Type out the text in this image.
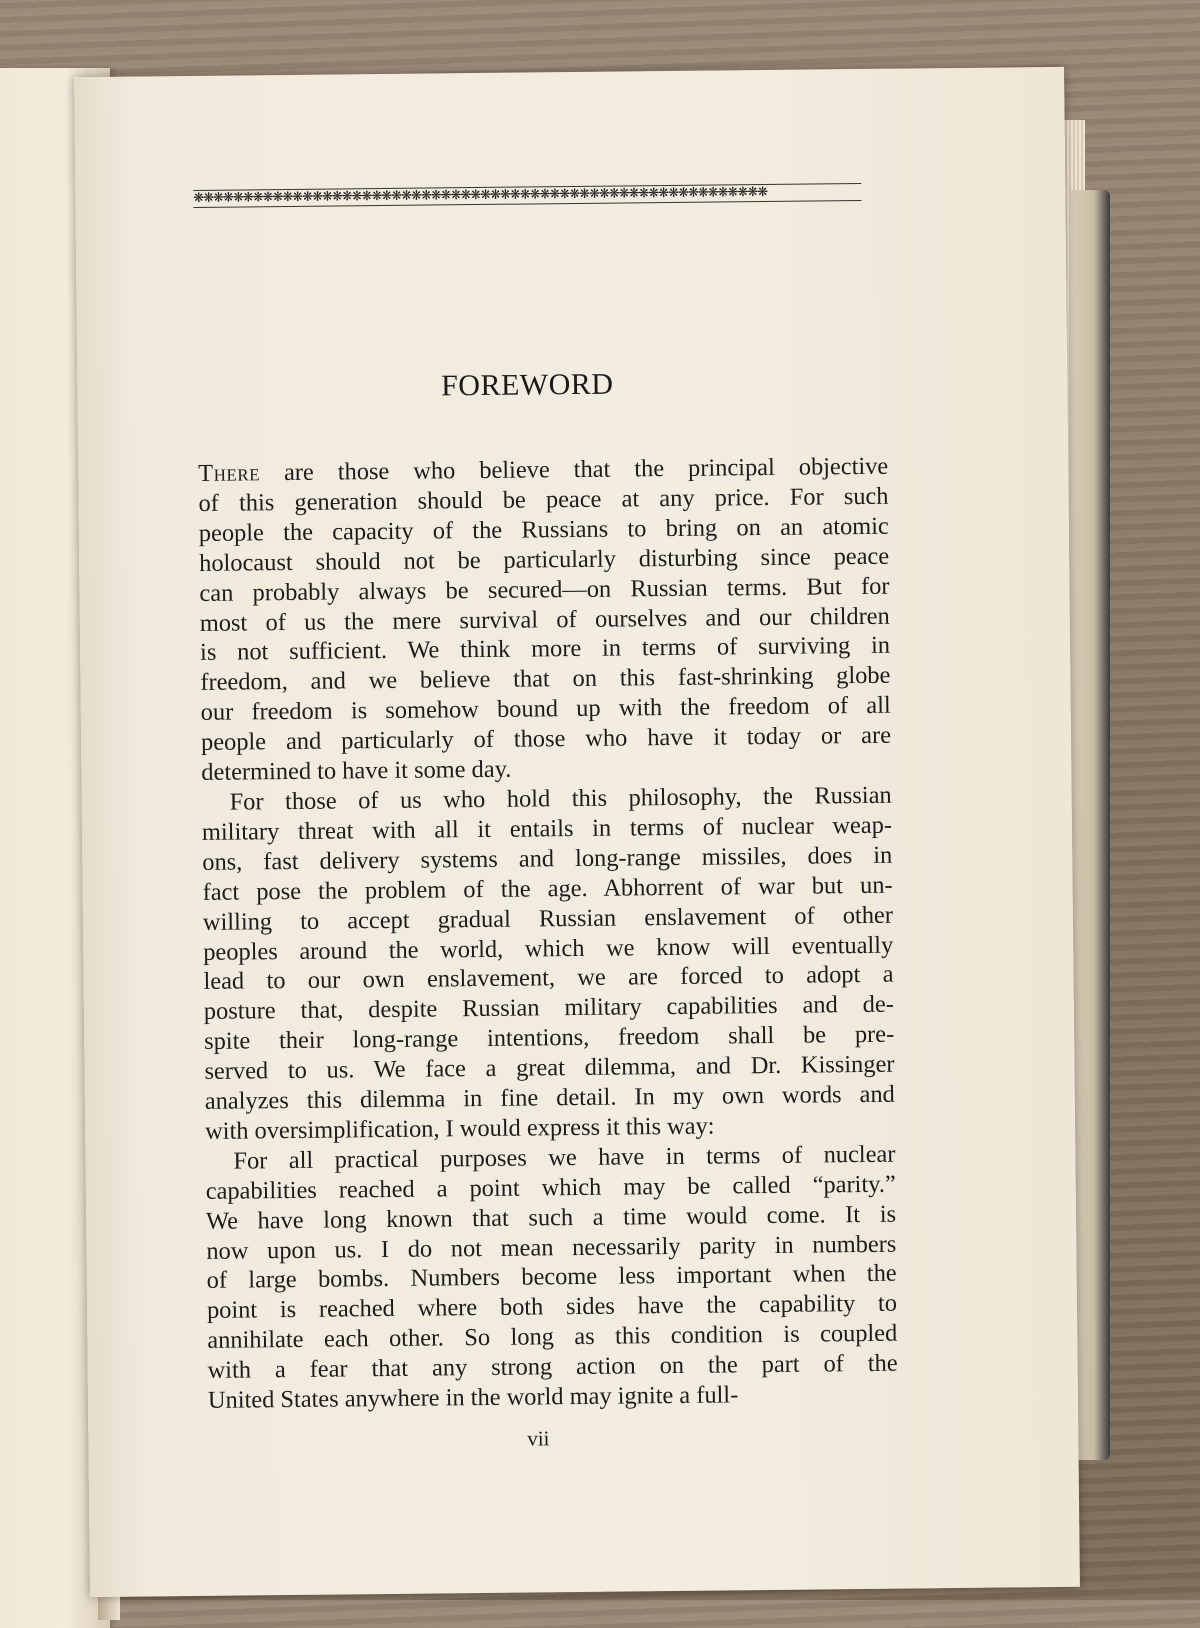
❋❋❋❋❋❋❋❋❋❋❋❋❋❋❋❋❋❋❋❋❋❋❋❋❋❋❋❋❋❋❋❋❋❋❋❋❋❋❋❋❋❋❋❋❋❋❋❋❋❋❋❋❋❋❋❋❋❋
FOREWORD

There are those who believe that the principal objective
of this generation should be peace at any price. For such
people the capacity of the Russians to bring on an atomic
holocaust should not be particularly disturbing since peace
can probably always be secured—on Russian terms. But for
most of us the mere survival of ourselves and our children
is not sufficient. We think more in terms of surviving in
freedom, and we believe that on this fast-shrinking globe
our freedom is somehow bound up with the freedom of all
people and particularly of those who have it today or are
determined to have it some day.

For those of us who hold this philosophy, the Russian
military threat with all it entails in terms of nuclear weap-
ons, fast delivery systems and long-range missiles, does in
fact pose the problem of the age. Abhorrent of war but un-
willing to accept gradual Russian enslavement of other
peoples around the world, which we know will eventually
lead to our own enslavement, we are forced to adopt a
posture that, despite Russian military capabilities and de-
spite their long-range intentions, freedom shall be pre-
served to us. We face a great dilemma, and Dr. Kissinger
analyzes this dilemma in fine detail. In my own words and
with oversimplification, I would express it this way:

For all practical purposes we have in terms of nuclear
capabilities reached a point which may be called “parity.”
We have long known that such a time would come. It is
now upon us. I do not mean necessarily parity in numbers
of large bombs. Numbers become less important when the
point is reached where both sides have the capability to
annihilate each other. So long as this condition is coupled
with a fear that any strong action on the part of the
United States anywhere in the world may ignite a full-

vii
